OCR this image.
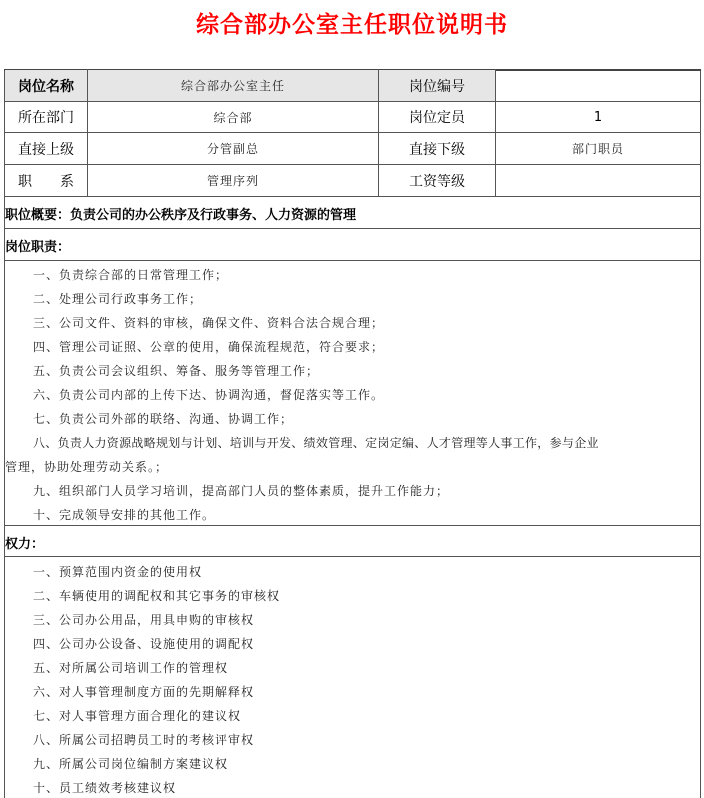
综合部办公室主任职位说明书
岗位名称	综合部办公室主任	岗位编号
所在部门	综合部	岗位定员	1
直接上级	分管副总	直接下级	部门职员
职　　系	管理序列	工资等级
职位概要：负责公司的办公秩序及行政事务、人力资源的管理
岗位职责：
一、负责综合部的日常管理工作；
二、处理公司行政事务工作；
三、公司文件、资料的审核，确保文件、资料合法合规合理；
四、管理公司证照、公章的使用，确保流程规范，符合要求；
五、负责公司会议组织、筹备、服务等管理工作；
六、负责公司内部的上传下达、协调沟通，督促落实等工作。
七、负责公司外部的联络、沟通、协调工作；
八、负责人力资源战略规划与计划、培训与开发、绩效管理、定岗定编、人才管理等人事工作，参与企业
管理，协助处理劳动关系。；
九、组织部门人员学习培训，提高部门人员的整体素质，提升工作能力；
十、完成领导安排的其他工作。
权力：
一、预算范围内资金的使用权
二、车辆使用的调配权和其它事务的审核权
三、公司办公用品，用具申购的审核权
四、公司办公设备、设施使用的调配权
五、对所属公司培训工作的管理权
六、对人事管理制度方面的先期解释权
七、对人事管理方面合理化的建议权
八、所属公司招聘员工时的考核评审权
九、所属公司岗位编制方案建议权
十、员工绩效考核建议权
